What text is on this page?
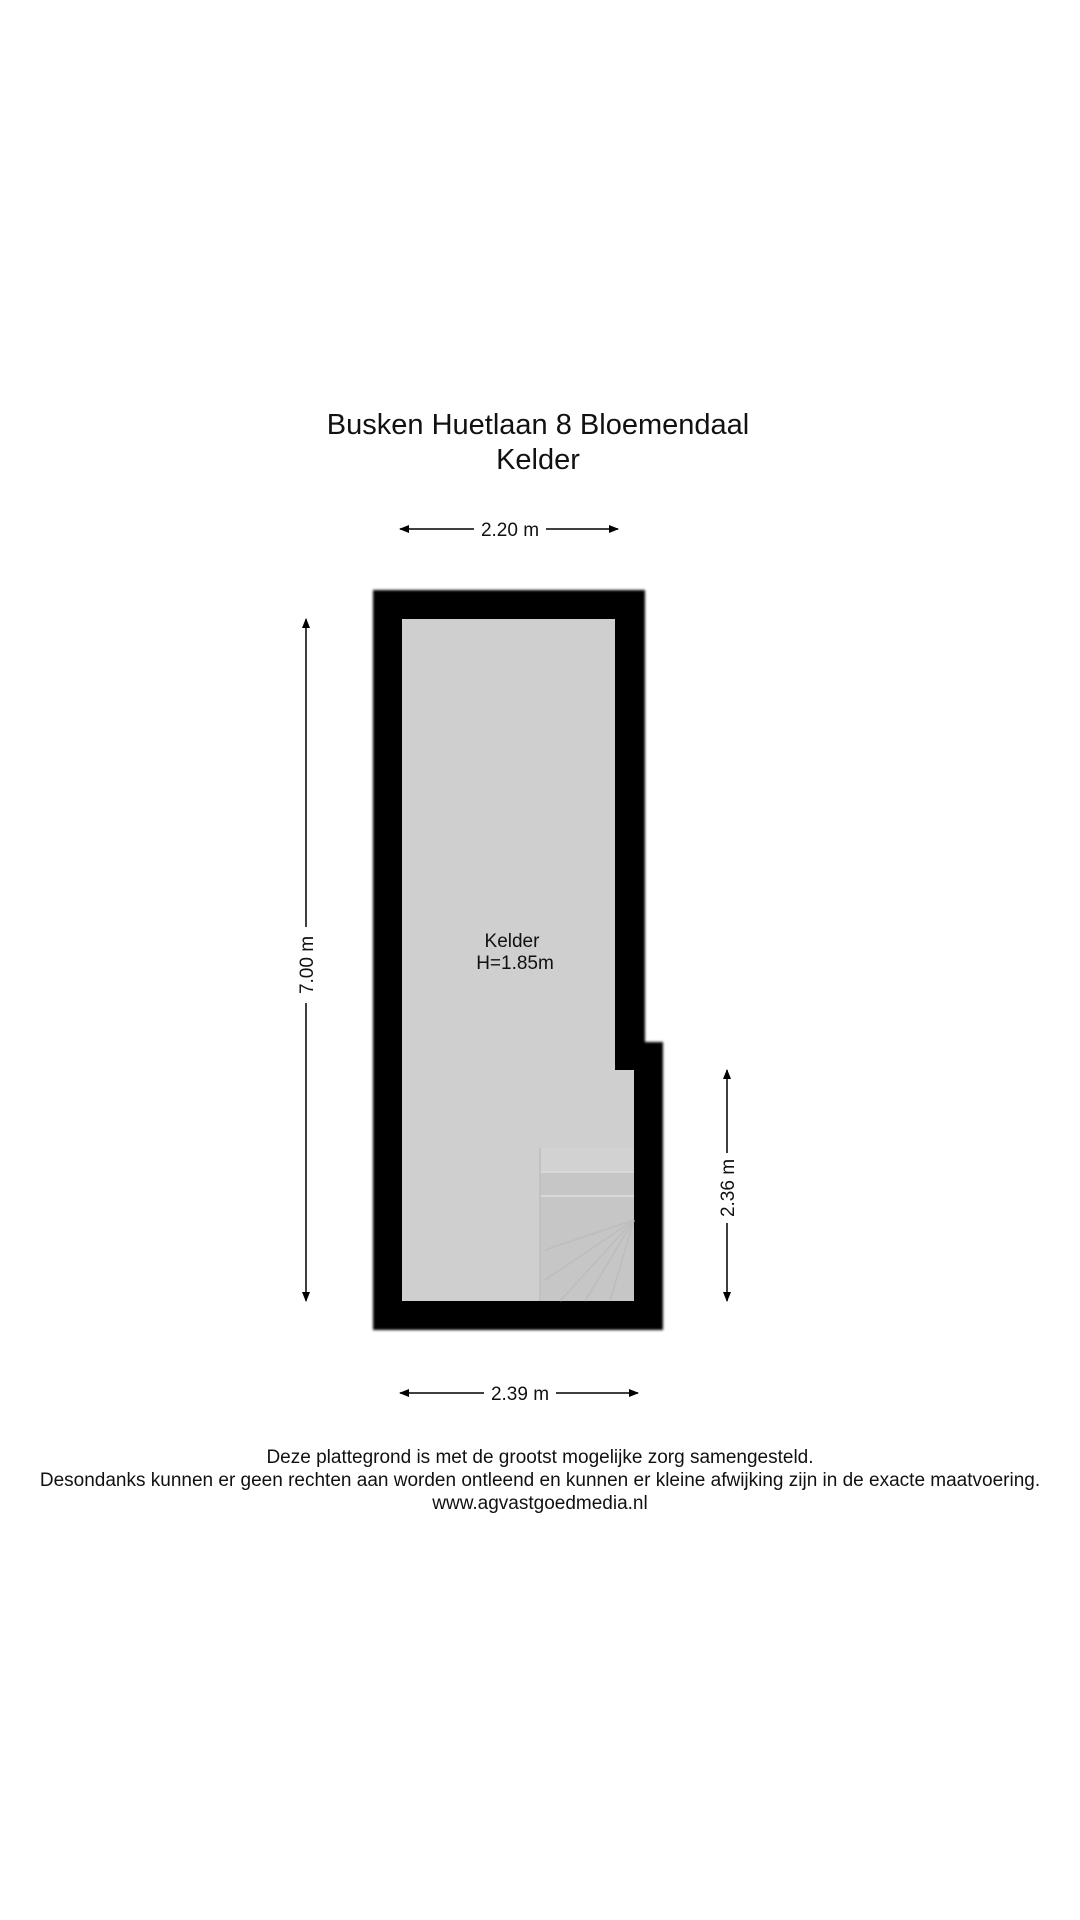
Busken Huetlaan 8 Bloemendaal
Kelder
2.20 m
2.39 m
7.00 m
2.36 m
Kelder
H=1.85m
Deze plattegrond is met de grootst mogelijke zorg samengesteld.
Desondanks kunnen er geen rechten aan worden ontleend en kunnen er kleine afwijking zijn in de exacte maatvoering.
www.agvastgoedmedia.nl
